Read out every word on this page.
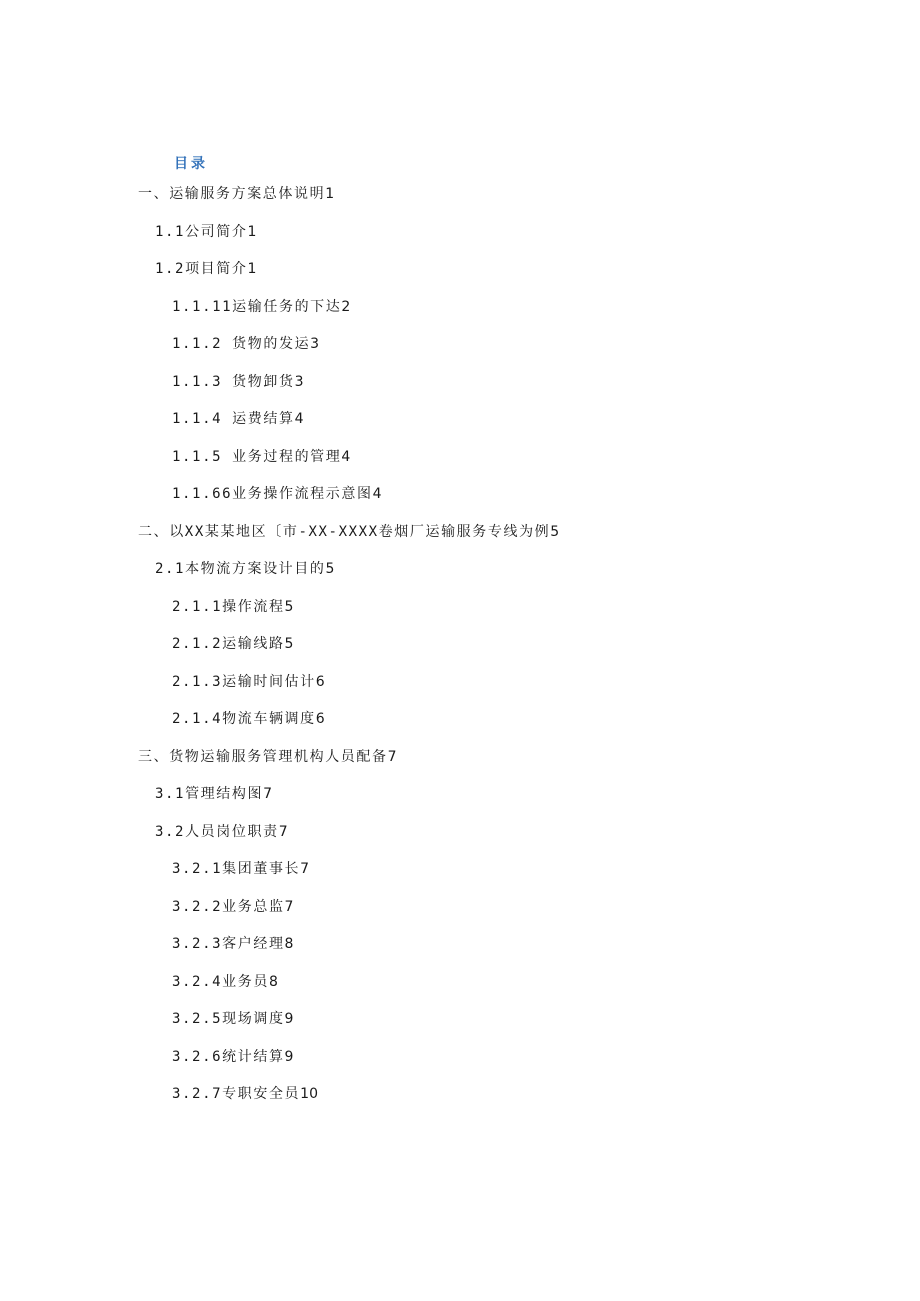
目录
一、运输服务方案总体说明1
1.1公司简介1
1.2项目简介1
1.1.11运输任务的下达2
1.1.2 货物的发运3
1.1.3 货物卸货3
1.1.4 运费结算4
1.1.5 业务过程的管理4
1.1.66业务操作流程示意图4
二、以XX某某地区〔市-XX-XXXX卷烟厂运输服务专线为例5
2.1本物流方案设计目的5
2.1.1操作流程5
2.1.2运输线路5
2.1.3运输时间估计6
2.1.4物流车辆调度6
三、货物运输服务管理机构人员配备7
3.1管理结构图7
3.2人员岗位职责7
3.2.1集团董事长7
3.2.2业务总监7
3.2.3客户经理8
3.2.4业务员8
3.2.5现场调度9
3.2.6统计结算9
3.2.7专职安全员10
